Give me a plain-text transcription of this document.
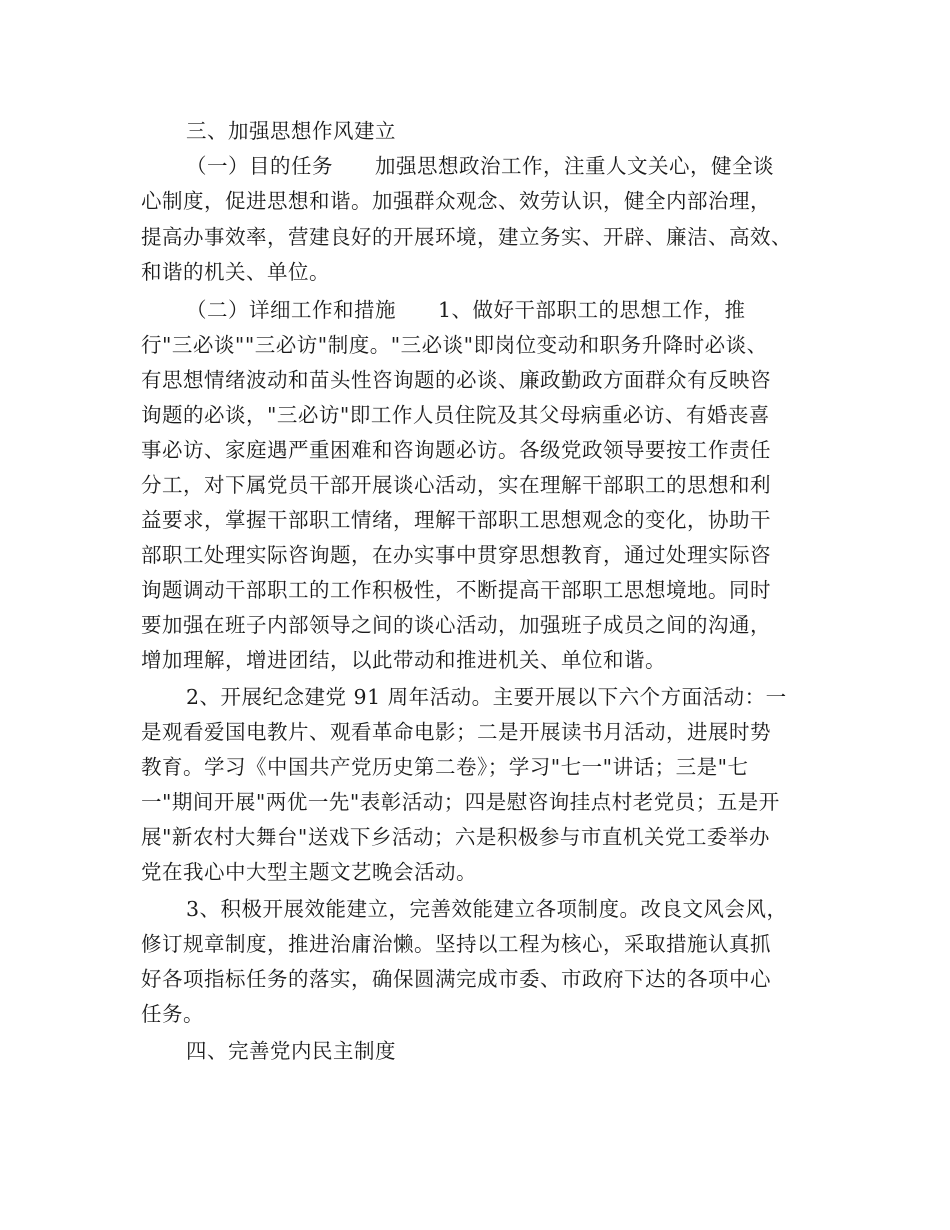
三、加强思想作风建立
（一）目的任务　　加强思想政治工作，注重人文关心，健全谈
心制度，促进思想和谐。加强群众观念、效劳认识，健全内部治理，
提高办事效率，营建良好的开展环境，建立务实、开辟、廉洁、高效、
和谐的机关、单位。
（二）详细工作和措施　　1、做好干部职工的思想工作，推
行"三必谈""三必访"制度。"三必谈"即岗位变动和职务升降时必谈、
有思想情绪波动和苗头性咨询题的必谈、廉政勤政方面群众有反映咨
询题的必谈，"三必访"即工作人员住院及其父母病重必访、有婚丧喜
事必访、家庭遇严重困难和咨询题必访。各级党政领导要按工作责任
分工，对下属党员干部开展谈心活动，实在理解干部职工的思想和利
益要求，掌握干部职工情绪，理解干部职工思想观念的变化，协助干
部职工处理实际咨询题，在办实事中贯穿思想教育，通过处理实际咨
询题调动干部职工的工作积极性，不断提高干部职工思想境地。同时
要加强在班子内部领导之间的谈心活动，加强班子成员之间的沟通，
增加理解，增进团结，以此带动和推进机关、单位和谐。
2、开展纪念建党 91 周年活动。主要开展以下六个方面活动：一
是观看爱国电教片、观看革命电影；二是开展读书月活动，进展时势
教育。学习《中国共产党历史第二卷》；学习"七一"讲话；三是"七
一"期间开展"两优一先"表彰活动；四是慰咨询挂点村老党员；五是开
展"新农村大舞台"送戏下乡活动；六是积极参与市直机关党工委举办
党在我心中大型主题文艺晚会活动。
3、积极开展效能建立，完善效能建立各项制度。改良文风会风，
修订规章制度，推进治庸治懒。坚持以工程为核心，采取措施认真抓
好各项指标任务的落实，确保圆满完成市委、市政府下达的各项中心
任务。
四、完善党内民主制度
